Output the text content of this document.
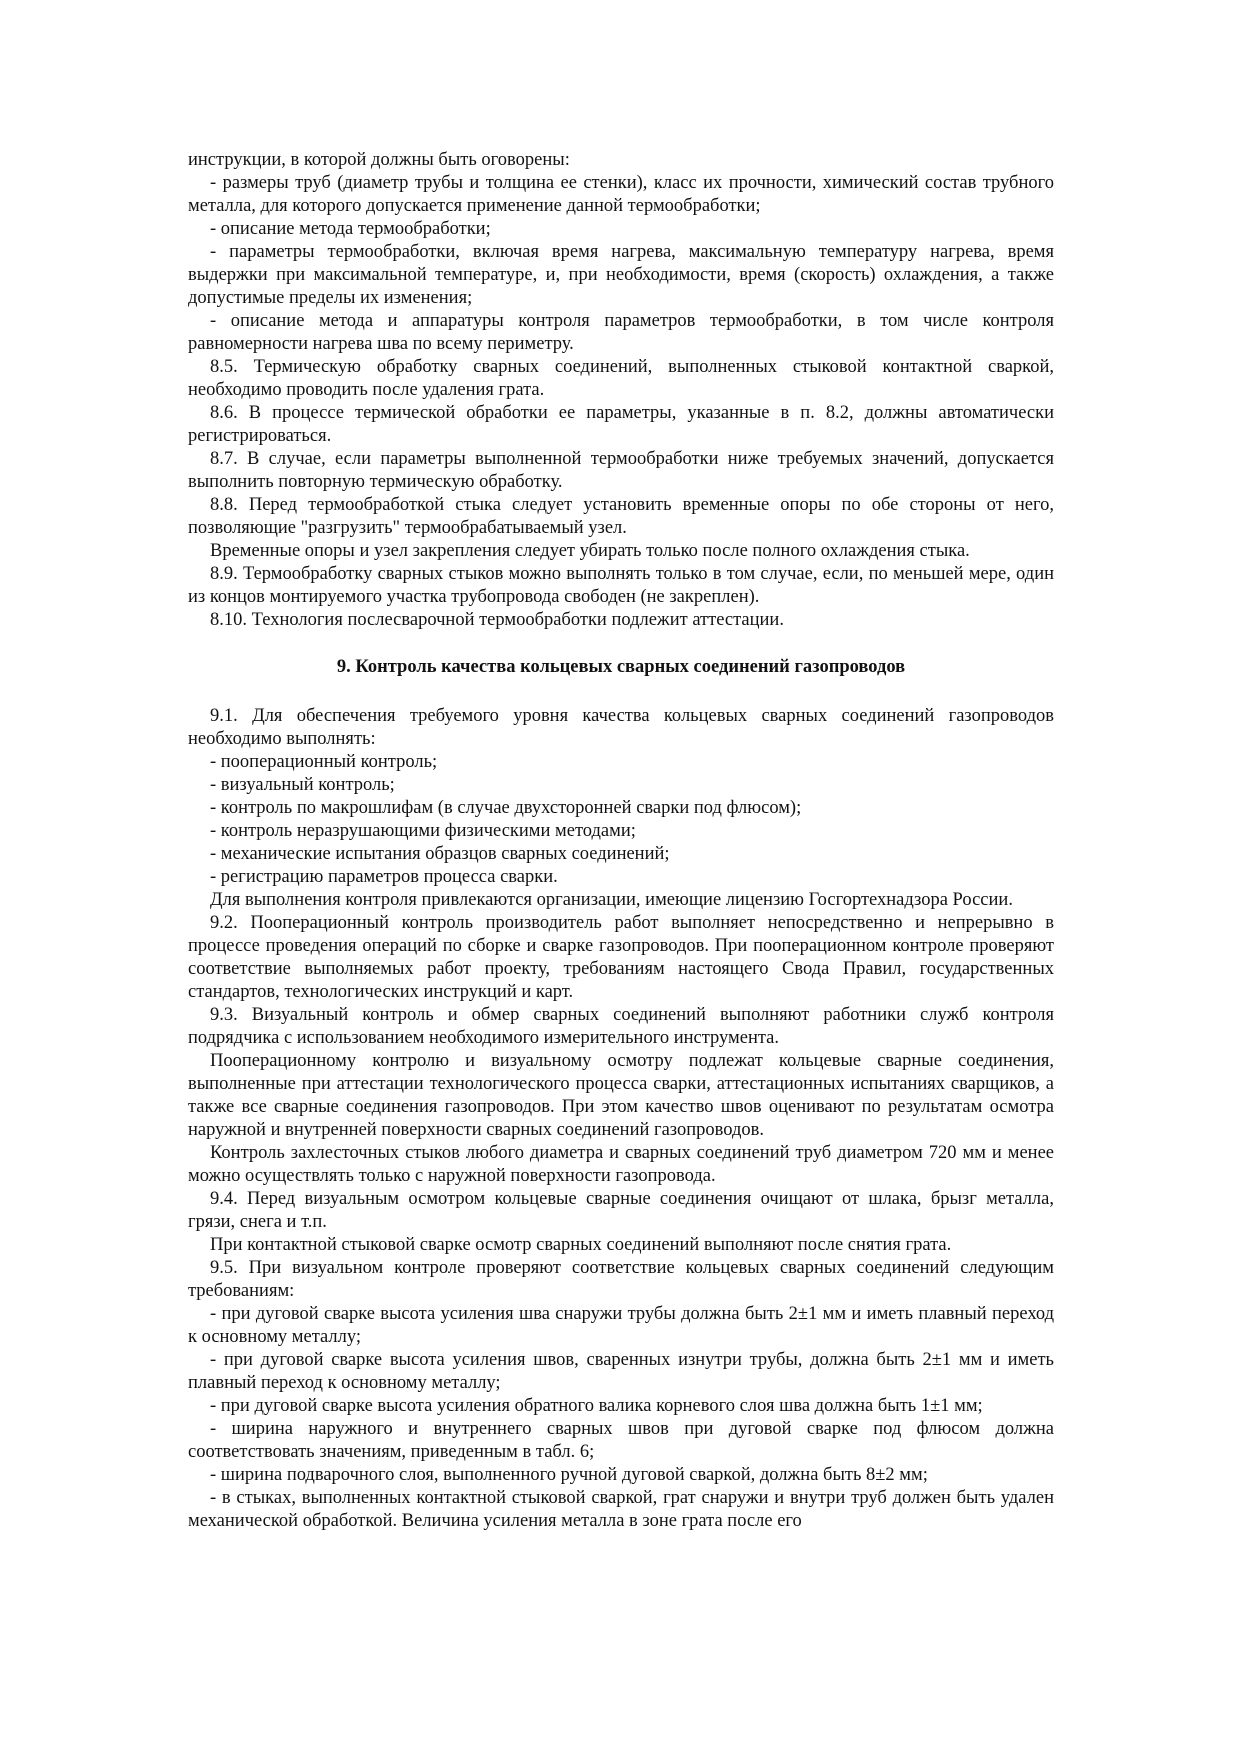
инструкции, в которой должны быть оговорены:

- размеры труб (диаметр трубы и толщина ее стенки), класс их прочности, химический состав трубного металла, для которого допускается применение данной термообработки;

- описание метода термообработки;

- параметры термообработки, включая время нагрева, максимальную температуру нагрева, время выдержки при максимальной температуре, и, при необходимости, время (скорость) охлаждения, а также допустимые пределы их изменения;

- описание метода и аппаратуры контроля параметров термообработки, в том числе контроля равномерности нагрева шва по всему периметру.

8.5. Термическую обработку сварных соединений, выполненных стыковой контактной сваркой, необходимо проводить после удаления грата.

8.6. В процессе термической обработки ее параметры, указанные в п. 8.2, должны автоматически регистрироваться.

8.7. В случае, если параметры выполненной термообработки ниже требуемых значений, допускается выполнить повторную термическую обработку.

8.8. Перед термообработкой стыка следует установить временные опоры по обе стороны от него, позволяющие "разгрузить" термообрабатываемый узел.

Временные опоры и узел закрепления следует убирать только после полного охлаждения стыка.

8.9. Термообработку сварных стыков можно выполнять только в том случае, если, по меньшей мере, один из концов монтируемого участка трубопровода свободен (не закреплен).

8.10. Технология послесварочной термообработки подлежит аттестации.

9. Контроль качества кольцевых сварных соединений газопроводов

9.1. Для обеспечения требуемого уровня качества кольцевых сварных соединений газопроводов необходимо выполнять:

- пооперационный контроль;

- визуальный контроль;

- контроль по макрошлифам (в случае двухсторонней сварки под флюсом);

- контроль неразрушающими физическими методами;

- механические испытания образцов сварных соединений;

- регистрацию параметров процесса сварки.

Для выполнения контроля привлекаются организации, имеющие лицензию Госгортехнадзора России.

9.2. Пооперационный контроль производитель работ выполняет непосредственно и непрерывно в процессе проведения операций по сборке и сварке газопроводов. При пооперационном контроле проверяют соответствие выполняемых работ проекту, требованиям настоящего Свода Правил, государственных стандартов, технологических инструкций и карт.

9.3. Визуальный контроль и обмер сварных соединений выполняют работники служб контроля подрядчика с использованием необходимого измерительного инструмента.

Пооперационному контролю и визуальному осмотру подлежат кольцевые сварные соединения, выполненные при аттестации технологического процесса сварки, аттестационных испытаниях сварщиков, а также все сварные соединения газопроводов. При этом качество швов оценивают по результатам осмотра наружной и внутренней поверхности сварных соединений газопроводов.

Контроль захлесточных стыков любого диаметра и сварных соединений труб диаметром 720 мм и менее можно осуществлять только с наружной поверхности газопровода.

9.4. Перед визуальным осмотром кольцевые сварные соединения очищают от шлака, брызг металла, грязи, снега и т.п.

При контактной стыковой сварке осмотр сварных соединений выполняют после снятия грата.

9.5. При визуальном контроле проверяют соответствие кольцевых сварных соединений следующим требованиям:

- при дуговой сварке высота усиления шва снаружи трубы должна быть 2±1 мм и иметь плавный переход к основному металлу;

- при дуговой сварке высота усиления швов, сваренных изнутри трубы, должна быть 2±1 мм и иметь плавный переход к основному металлу;

- при дуговой сварке высота усиления обратного валика корневого слоя шва должна быть 1±1 мм;

- ширина наружного и внутреннего сварных швов при дуговой сварке под флюсом должна соответствовать значениям, приведенным в табл. 6;

- ширина подварочного слоя, выполненного ручной дуговой сваркой, должна быть 8±2 мм;

- в стыках, выполненных контактной стыковой сваркой, грат снаружи и внутри труб должен быть удален механической обработкой. Величина усиления металла в зоне грата после его
